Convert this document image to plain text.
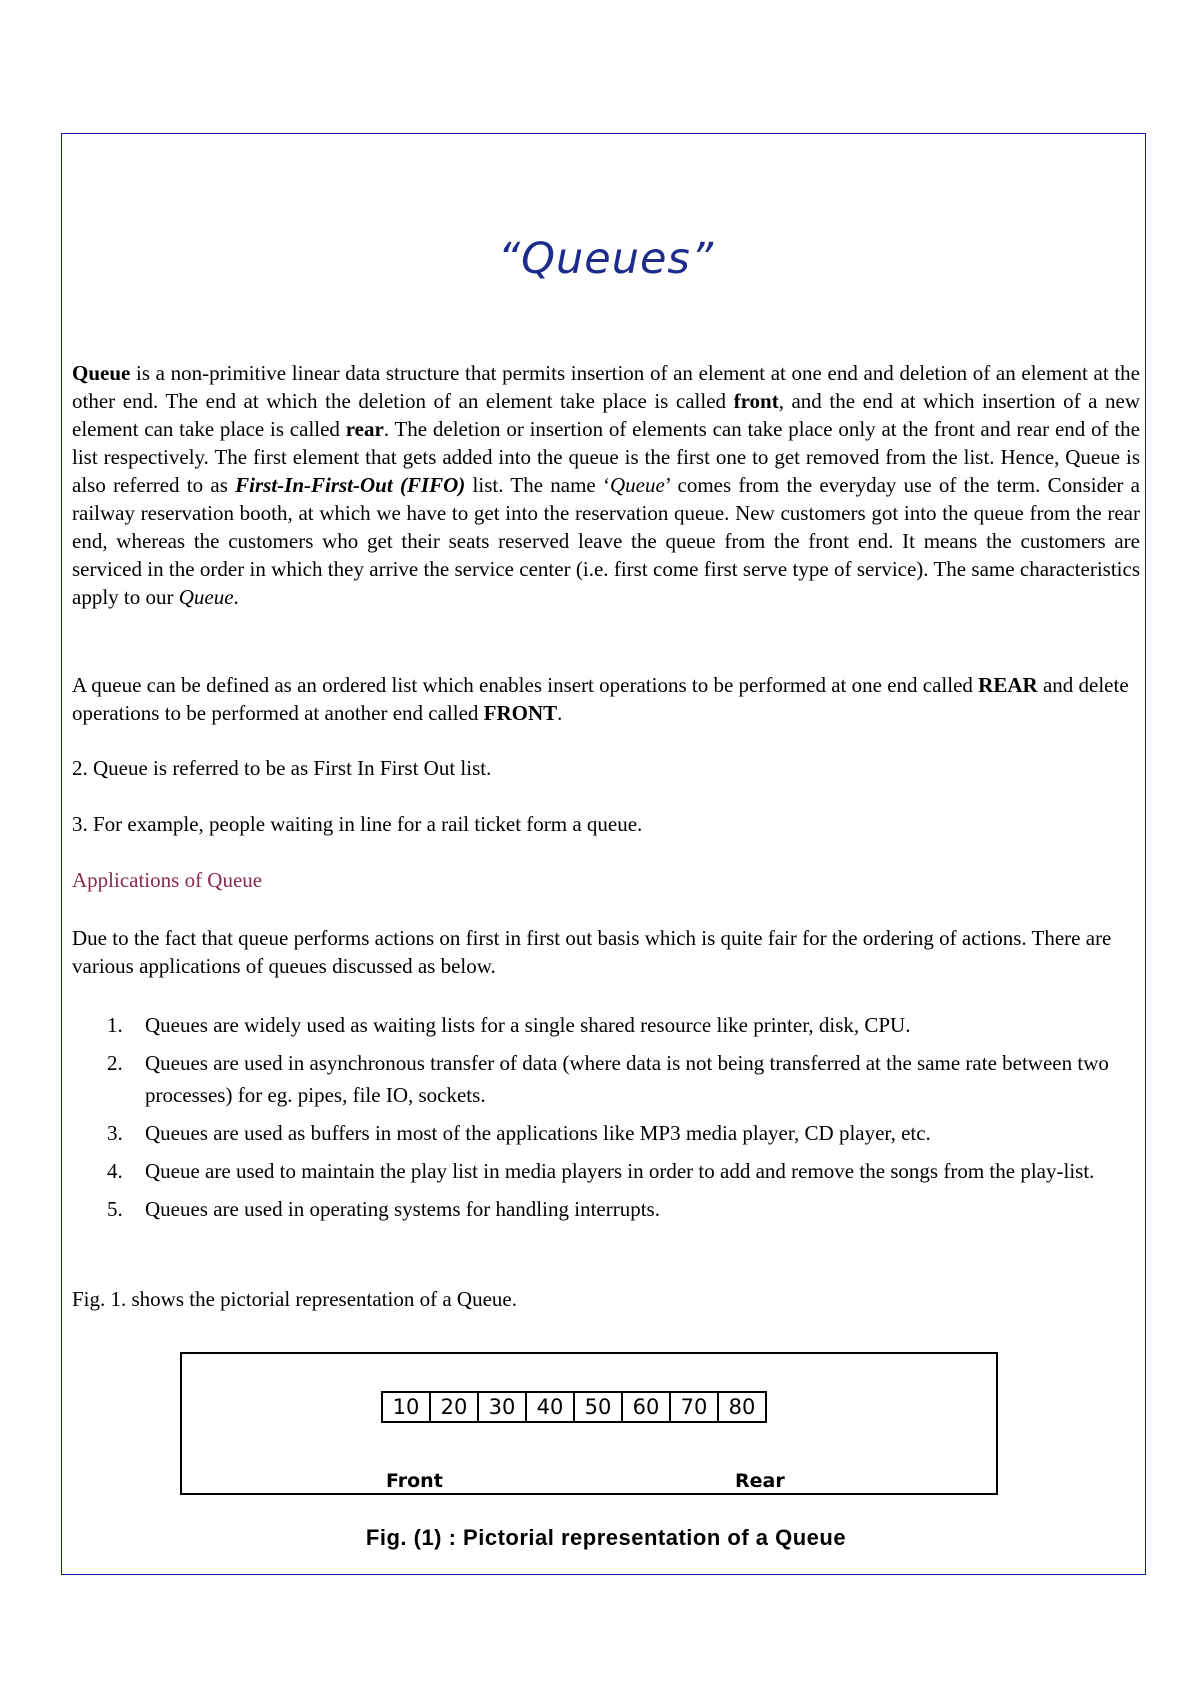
“Queues”

Queue is a non-primitive linear data structure that permits insertion of an element at one end and deletion of an element at the other end. The end at which the deletion of an element take place is called front, and the end at which insertion of a new element can take place is called rear. The deletion or insertion of elements can take place only at the front and rear end of the list respectively. The first element that gets added into the queue is the first one to get removed from the list. Hence, Queue is also referred to as First-In-First-Out (FIFO) list. The name ‘Queue’ comes from the everyday use of the term. Consider a railway reservation booth, at which we have to get into the reservation queue. New customers got into the queue from the rear end, whereas the customers who get their seats reserved leave the queue from the front end. It means the customers are serviced in the order in which they arrive the service center (i.e. first come first serve type of service). The same characteristics apply to our Queue.

A queue can be defined as an ordered list which enables insert operations to be performed at one end called REAR and delete operations to be performed at another end called FRONT.

2. Queue is referred to be as First In First Out list.

3. For example, people waiting in line for a rail ticket form a queue.

Applications of Queue

Due to the fact that queue performs actions on first in first out basis which is quite fair for the ordering of actions. There are various applications of queues discussed as below.

1. Queues are widely used as waiting lists for a single shared resource like printer, disk, CPU.
2. Queues are used in asynchronous transfer of data (where data is not being transferred at the same rate between two processes) for eg. pipes, file IO, sockets.
3. Queues are used as buffers in most of the applications like MP3 media player, CD player, etc.
4. Queue are used to maintain the play list in media players in order to add and remove the songs from the play-list.
5. Queues are used in operating systems for handling interrupts.

Fig. 1. shows the pictorial representation of a Queue.

10	20	30	40	50	60	70	80
Front	Rear
Fig. (1) : Pictorial representation of a Queue
